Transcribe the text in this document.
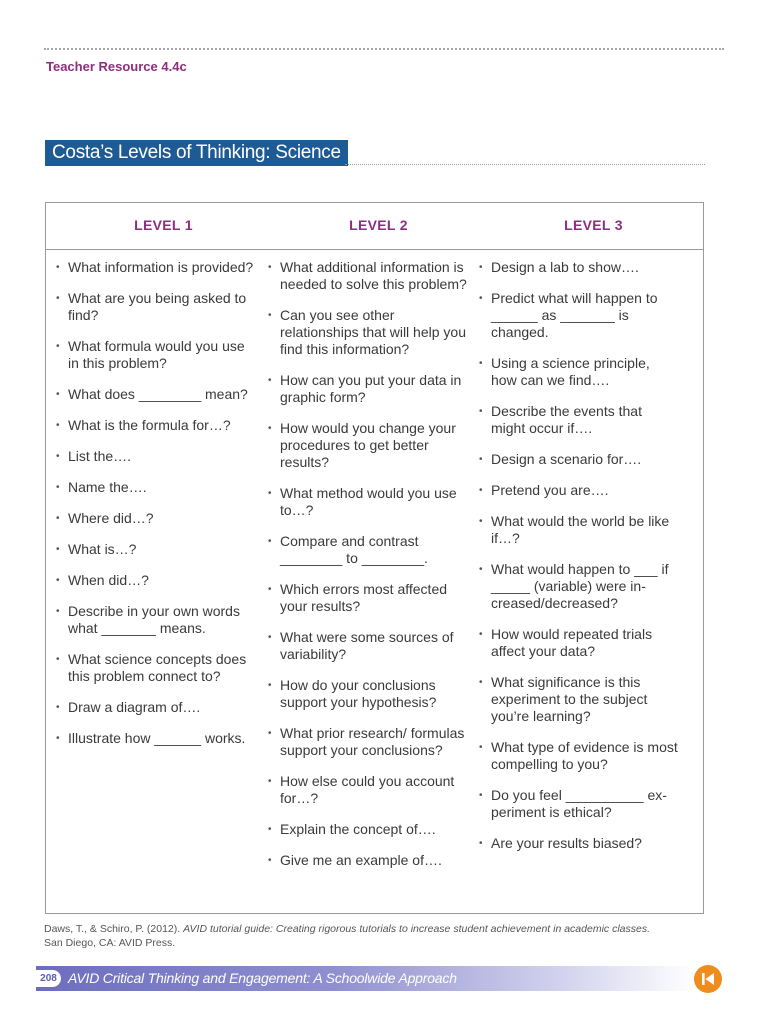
Teacher Resource 4.4c
Costa’s Levels of Thinking: Science
LEVEL 1	LEVEL 2	LEVEL 3
• What information is provided?
• What are you being asked to find?
• What formula would you use in this problem?
• What does ________ mean?
• What is the formula for…?
• List the….
• Name the….
• Where did…?
• What is…?
• When did…?
• Describe in your own words what _______ means.
• What science concepts does this problem connect to?
• Draw a diagram of….
• Illustrate how ______ works.
• What additional information is needed to solve this problem?
• Can you see other relationships that will help you find this information?
• How can you put your data in graphic form?
• How would you change your procedures to get better results?
• What method would you use to…?
• Compare and contrast ________ to ________.
• Which errors most affected your results?
• What were some sources of variability?
• How do your conclusions support your hypothesis?
• What prior research/ formulas support your conclusions?
• How else could you account for…?
• Explain the concept of….
• Give me an example of….
• Design a lab to show….
• Predict what will happen to ______ as _______ is changed.
• Using a science principle, how can we find….
• Describe the events that might occur if….
• Design a scenario for….
• Pretend you are….
• What would the world be like if…?
• What would happen to ___ if _____ (variable) were in-creased/decreased?
• How would repeated trials affect your data?
• What significance is this experiment to the subject you’re learning?
• What type of evidence is most compelling to you?
• Do you feel __________ ex-periment is ethical?
• Are your results biased?
Daws, T., & Schiro, P. (2012). AVID tutorial guide: Creating rigorous tutorials to increase student achievement in academic classes.
San Diego, CA: AVID Press.
208 AVID Critical Thinking and Engagement: A Schoolwide Approach
